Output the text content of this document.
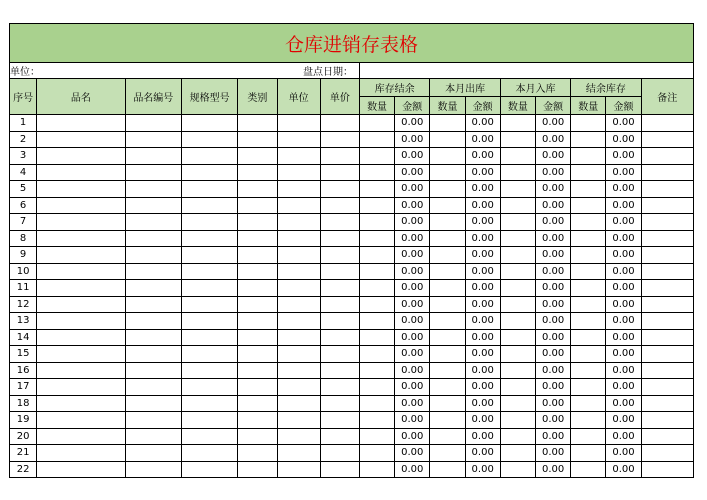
仓库进销存表格															
单位：							盘点日期：								

序号	品名	品名编号	规格型号	类别	单位	单价	库存结余		本月出库		本月入库		结余库存		备注
							数量	金额	数量	金额	数量	金额	数量	金额	
1								0.00		0.00		0.00		0.00	
2								0.00		0.00		0.00		0.00	
3								0.00		0.00		0.00		0.00	
4								0.00		0.00		0.00		0.00	
5								0.00		0.00		0.00		0.00	
6								0.00		0.00		0.00		0.00	
7								0.00		0.00		0.00		0.00	
8								0.00		0.00		0.00		0.00	
9								0.00		0.00		0.00		0.00	
10								0.00		0.00		0.00		0.00	
11								0.00		0.00		0.00		0.00	
12								0.00		0.00		0.00		0.00	
13								0.00		0.00		0.00		0.00	
14								0.00		0.00		0.00		0.00	
15								0.00		0.00		0.00		0.00	
16								0.00		0.00		0.00		0.00	
17								0.00		0.00		0.00		0.00	
18								0.00		0.00		0.00		0.00	
19								0.00		0.00		0.00		0.00	
20								0.00		0.00		0.00		0.00	
21								0.00		0.00		0.00		0.00	
22								0.00		0.00		0.00		0.00	
